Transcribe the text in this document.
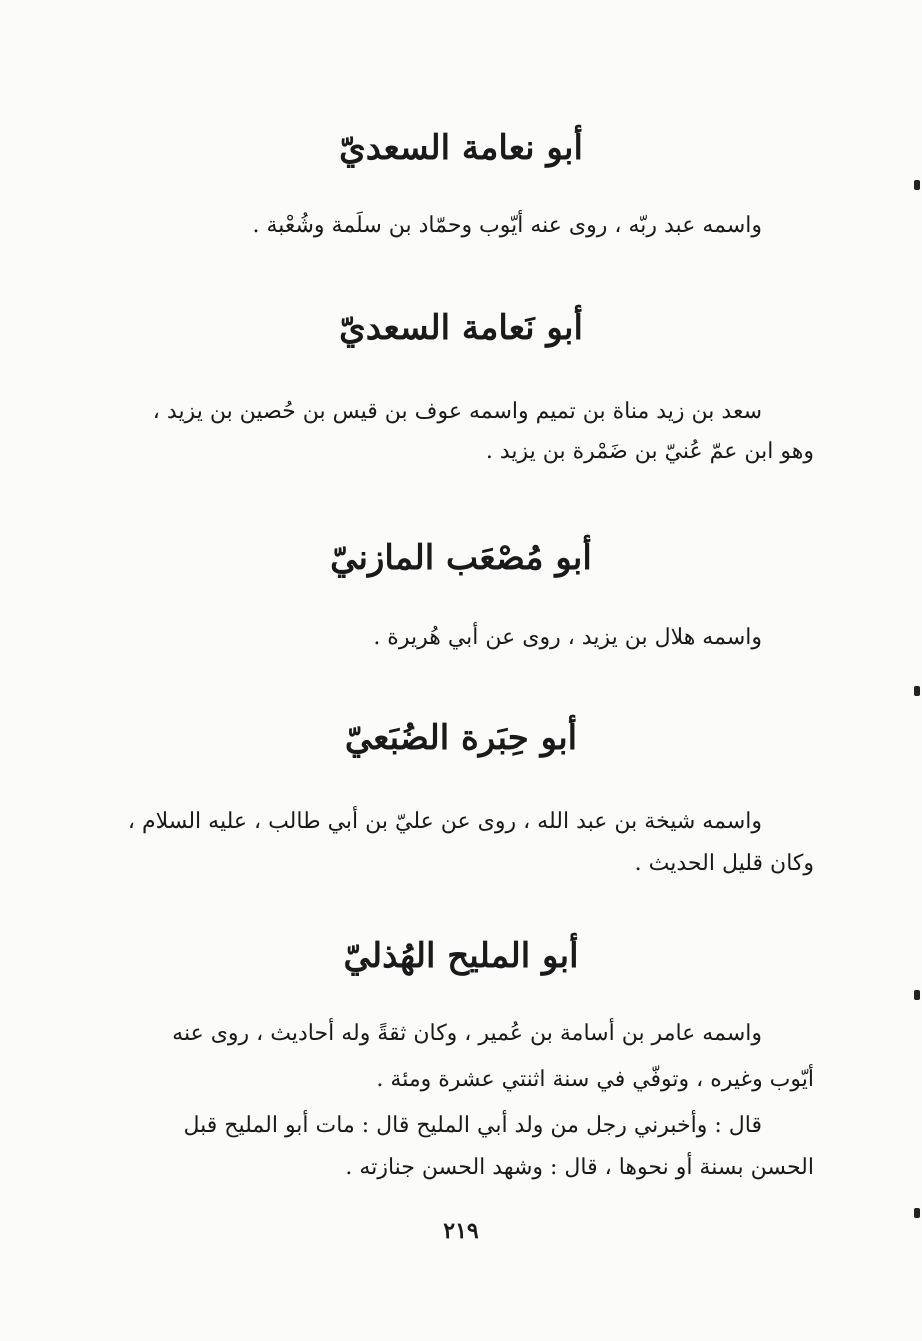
أبو نعامة السعديّ
واسمه عبد ربّه ، روى عنه أيّوب وحمّاد بن سلَمة وشُعْبة .
أبو نَعامة السعديّ
سعد بن زيد مناة بن تميم واسمه عوف بن قيس بن حُصين بن يزيد ،
وهو ابن عمّ عُنيّ بن ضَمْرة بن يزيد .
أبو مُصْعَب المازنيّ
واسمه هلال بن يزيد ، روى عن أبي هُريرة .
أبو حِبَرة الضُبَعيّ
واسمه شيخة بن عبد الله ، روى عن عليّ بن أبي طالب ، عليه السلام ،
وكان قليل الحديث .
أبو المليح الهُذليّ
واسمه عامر بن أسامة بن عُمير ، وكان ثقةً وله أحاديث ، روى عنه
أيّوب وغيره ، وتوفّي في سنة اثنتي عشرة ومئة .
قال : وأخبرني رجل من ولد أبي المليح قال : مات أبو المليح قبل
الحسن بسنة أو نحوها ، قال : وشهد الحسن جنازته .
٢١٩
